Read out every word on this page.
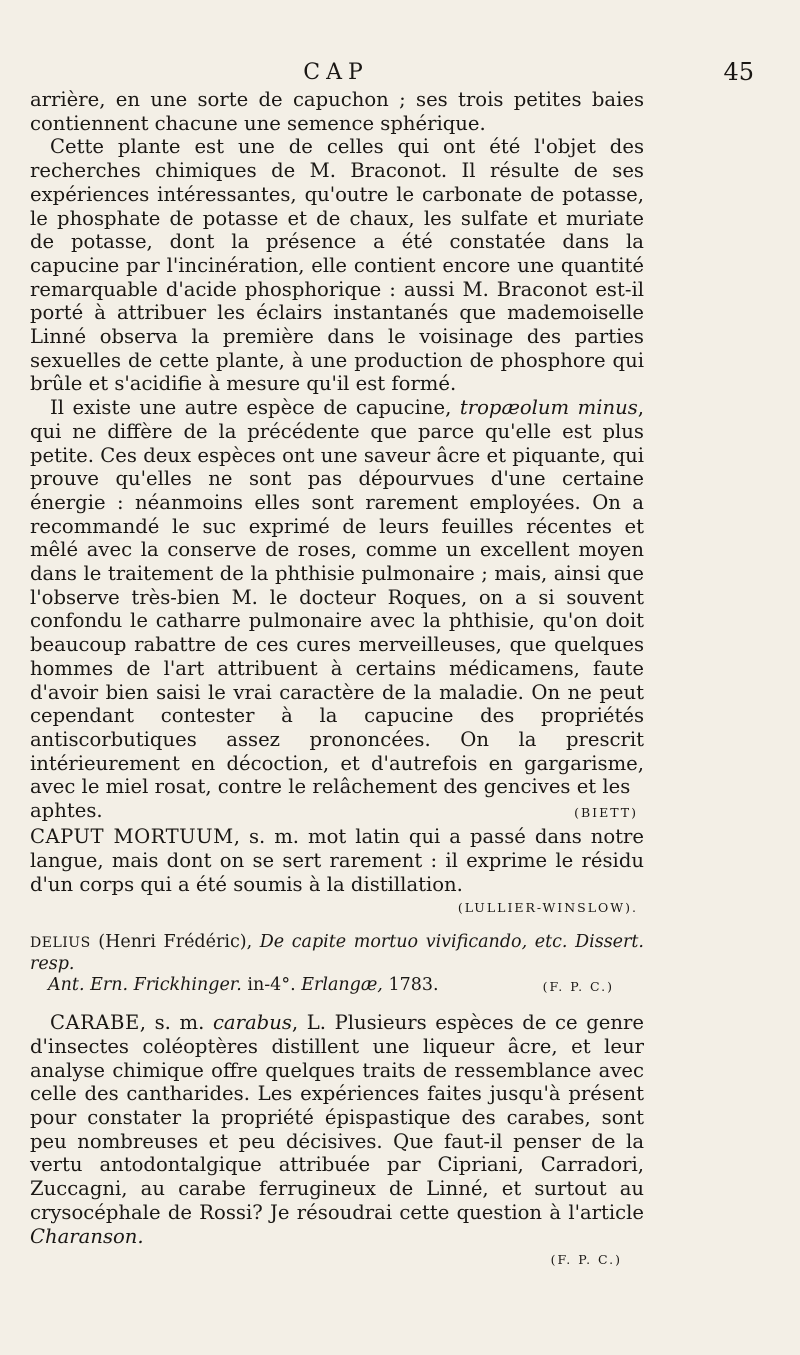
CAP	45

arrière, en une sorte de capuchon ; ses trois petites baies contiennent chacune une semence sphérique.

Cette plante est une de celles qui ont été l'objet des recherches chimiques de M. Braconot. Il résulte de ses expériences intéressantes, qu'outre le carbonate de potasse, le phosphate de potasse et de chaux, les sulfate et muriate de potasse, dont la présence a été constatée dans la capucine par l'incinération, elle contient encore une quantité remarquable d'acide phosphorique : aussi M. Braconot est-il porté à attribuer les éclairs instantanés que mademoiselle Linné observa la première dans le voisinage des parties sexuelles de cette plante, à une production de phosphore qui brûle et s'acidifie à mesure qu'il est formé.

Il existe une autre espèce de capucine, tropæolum minus, qui ne diffère de la précédente que parce qu'elle est plus petite. Ces deux espèces ont une saveur âcre et piquante, qui prouve qu'elles ne sont pas dépourvues d'une certaine énergie : néanmoins elles sont rarement employées. On a recommandé le suc exprimé de leurs feuilles récentes et mêlé avec la conserve de roses, comme un excellent moyen dans le traitement de la phthisie pulmonaire ; mais, ainsi que l'observe très-bien M. le docteur Roques, on a si souvent confondu le catharre pulmonaire avec la phthisie, qu'on doit beaucoup rabattre de ces cures merveilleuses, que quelques hommes de l'art attribuent à certains médicamens, faute d'avoir bien saisi le vrai caractère de la maladie. On ne peut cependant contester à la capucine des propriétés antiscorbutiques assez prononcées. On la prescrit intérieurement en décoction, et d'autrefois en gargarisme, avec le miel rosat, contre le relâchement des gencives et les

aphtes.	(BIETT)

CAPUT MORTUUM, s. m. mot latin qui a passé dans notre langue, mais dont on se sert rarement : il exprime le résidu d'un corps qui a été soumis à la distillation.

(LULLIER-WINSLOW).

DELIUS (Henri Frédéric), De capite mortuo vivificando, etc. Dissert. resp.
Ant. Ern. Frickhinger. in-4°. Erlangæ, 1783.	(F. P. C.)

CARABE, s. m. carabus, L. Plusieurs espèces de ce genre d'insectes coléoptères distillent une liqueur âcre, et leur analyse chimique offre quelques traits de ressemblance avec celle des cantharides. Les expériences faites jusqu'à présent pour constater la propriété épispastique des carabes, sont peu nombreuses et peu décisives. Que faut-il penser de la vertu antodontalgique attribuée par Cipriani, Carradori, Zuccagni, au carabe ferrugineux de Linné, et surtout au crysocéphale de Rossi? Je résoudrai cette question à l'article Charanson.

(F. P. C.)
